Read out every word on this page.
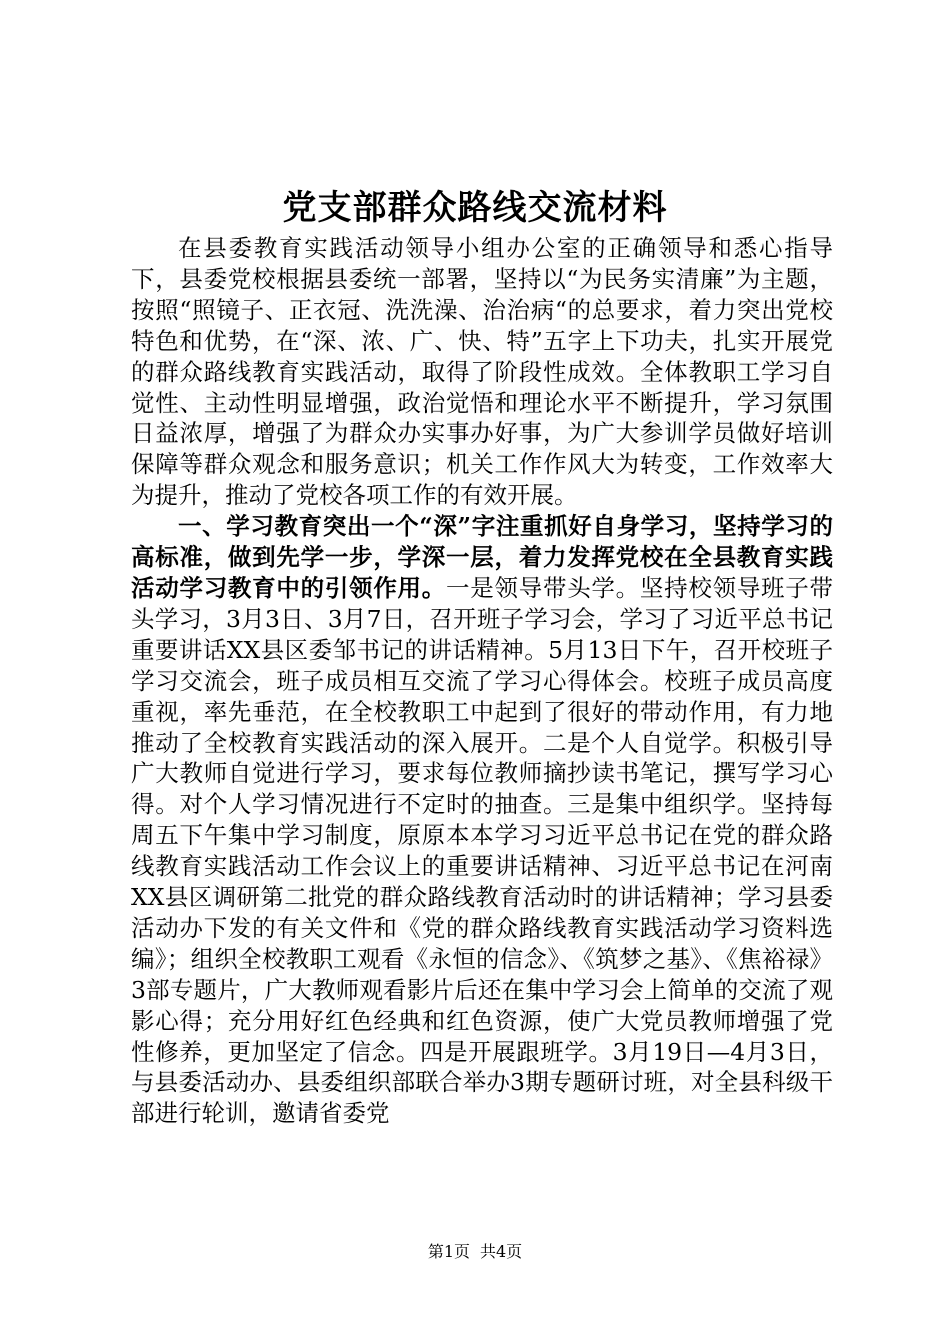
党支部群众路线交流材料

在县委教育实践活动领导小组办公室的正确领导和悉心指导下，县委党校根据县委统一部署，坚持以“为民务实清廉”为主题，按照“照镜子、正衣冠、洗洗澡、治治病“的总要求，着力突出党校特色和优势，在“深、浓、广、快、特”五字上下功夫，扎实开展党的群众路线教育实践活动，取得了阶段性成效。全体教职工学习自觉性、主动性明显增强，政治觉悟和理论水平不断提升，学习氛围日益浓厚，增强了为群众办实事办好事，为广大参训学员做好培训保障等群众观念和服务意识；机关工作作风大为转变，工作效率大为提升，推动了党校各项工作的有效开展。

一、学习教育突出一个“深”字注重抓好自身学习，坚持学习的高标准，做到先学一步，学深一层，着力发挥党校在全县教育实践活动学习教育中的引领作用。一是领导带头学。坚持校领导班子带头学习，3月3日、3月7日，召开班子学习会，学习了习近平总书记重要讲话XX县区委邹书记的讲话精神。5月13日下午，召开校班子学习交流会，班子成员相互交流了学习心得体会。校班子成员高度重视，率先垂范，在全校教职工中起到了很好的带动作用，有力地推动了全校教育实践活动的深入展开。二是个人自觉学。积极引导广大教师自觉进行学习，要求每位教师摘抄读书笔记，撰写学习心得。对个人学习情况进行不定时的抽查。三是集中组织学。坚持每周五下午集中学习制度，原原本本学习习近平总书记在党的群众路线教育实践活动工作会议上的重要讲话精神、习近平总书记在河南XX县区调研第二批党的群众路线教育活动时的讲话精神；学习县委活动办下发的有关文件和《党的群众路线教育实践活动学习资料选编》；组织全校教职工观看《永恒的信念》、《筑梦之基》、《焦裕禄》3部专题片，广大教师观看影片后还在集中学习会上简单的交流了观影心得；充分用好红色经典和红色资源，使广大党员教师增强了党性修养，更加坚定了信念。四是开展跟班学。3月19日—4月3日，与县委活动办、县委组织部联合举办3期专题研讨班，对全县科级干部进行轮训，邀请省委党

第1页 共4页
